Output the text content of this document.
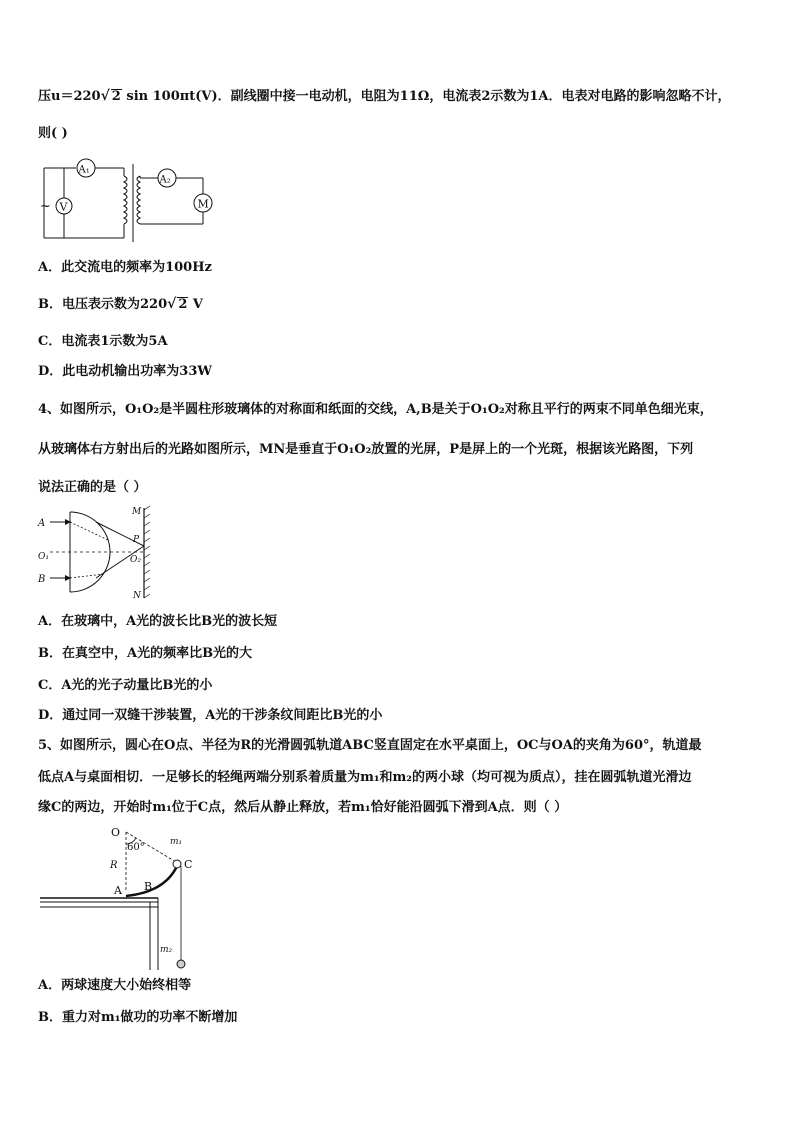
压u＝220√ 2 sin 100πt(V)．副线圈中接一电动机，电阻为11Ω，电流表2示数为1A．电表对电路的影响忽略不计，
则( )
~ V
A₁
A₂
M
A．此交流电的频率为100Hz
B．电压表示数为220√ 2 V
C．电流表1示数为5A
D．此电动机输出功率为33W
4、如图所示，O₁O₂是半圆柱形玻璃体的对称面和纸面的交线，A,B是关于O₁O₂对称且平行的两束不同单色细光束，
从玻璃体右方射出后的光路如图所示，MN是垂直于O₁O₂放置的光屏，P是屏上的一个光斑，根据该光路图，下列
说法正确的是（ ）
A
B
O₁
M
P
O₂
N
A．在玻璃中，A光的波长比B光的波长短
B．在真空中，A光的频率比B光的大
C．A光的光子动量比B光的小
D．通过同一双缝干涉装置，A光的干涉条纹间距比B光的小
5、如图所示，圆心在O点、半径为R的光滑圆弧轨道ABC竖直固定在水平桌面上，OC与OA的夹角为60°，轨道最
低点A与桌面相切．一足够长的轻绳两端分别系着质量为m₁和m₂的两小球（均可视为质点），挂在圆弧轨道光滑边
缘C的两边，开始时m₁位于C点，然后从静止释放，若m₁恰好能沿圆弧下滑到A点．则（ ）
O
60°
R
m₁
C
B
A
m₂
A．两球速度大小始终相等
B．重力对m₁做功的功率不断增加
